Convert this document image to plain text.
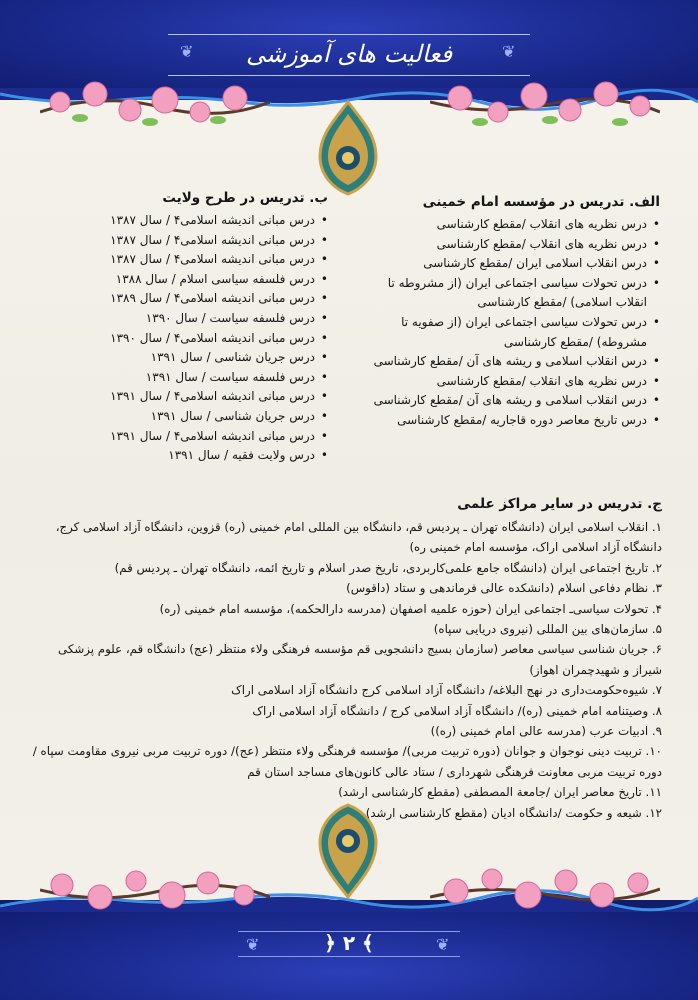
❦	❦
فعالیت های آموزشی
الف. تدریس در مؤسسه امام خمینی
• درس نظریه های انقلاب /مقطع کارشناسی
• درس نظریه های انقلاب /مقطع کارشناسی
• درس انقلاب اسلامی ایران /مقطع کارشناسی
• درس تحولات سیاسی اجتماعی ایران (از مشروطه تا انقلاب اسلامی) /مقطع کارشناسی
• درس تحولات سیاسی اجتماعی ایران (از صفویه تا مشروطه) /مقطع کارشناسی
• درس انقلاب اسلامی و ریشه های آن /مقطع کارشناسی
• درس نظریه های انقلاب /مقطع کارشناسی
• درس انقلاب اسلامی و ریشه های آن /مقطع کارشناسی
• درس تاریخ معاصر دوره قاجاریه /مقطع کارشناسی
ب. تدریس در طرح ولایت
• درس مبانی اندیشه اسلامی۴ / سال ۱۳۸۷
• درس مبانی اندیشه اسلامی۴ / سال ۱۳۸۷
• درس مبانی اندیشه اسلامی۴ / سال ۱۳۸۷
• درس فلسفه سیاسی اسلام / سال ۱۳۸۸
• درس مبانی اندیشه اسلامی۴ / سال ۱۳۸۹
• درس فلسفه سیاست / سال ۱۳۹۰
• درس مبانی اندیشه اسلامی۴ / سال ۱۳۹۰
• درس جریان شناسی / سال ۱۳۹۱
• درس فلسفه سیاست / سال ۱۳۹۱
• درس مبانی اندیشه اسلامی۴ / سال ۱۳۹۱
• درس جریان شناسی / سال ۱۳۹۱
• درس مبانی اندیشه اسلامی۴ / سال ۱۳۹۱
• درس ولایت فقیه / سال ۱۳۹۱
ج. تدریس در سایر مراکز علمی
۱. انقلاب اسلامی ایران (دانشگاه تهران ـ پردیس قم، دانشگاه بین المللی امام خمینی (ره) قزوین، دانشگاه آزاد اسلامی کرج، دانشگاه آزاد اسلامی اراک، مؤسسه امام خمینی ره)
۲. تاریخ اجتماعی ایران (دانشگاه جامع علمی‌کاربردی، تاریخ صدر اسلام و تاریخ ائمه، دانشگاه تهران ـ پردیس قم)
۳. نظام دفاعی اسلام (دانشکده عالی فرماندهی و ستاد (داقوس)
۴. تحولات سیاسی‌ـ اجتماعی ایران (حوزه علمیه اصفهان (مدرسه دارالحکمه)، مؤسسه امام خمینی (ره)
۵. سازمان‌های بین المللی (نیروی دریایی سپاه)
۶. جریان شناسی سیاسی معاصر (سازمان بسیج دانشجویی قم مؤسسه فرهنگی ولاء منتظر (عج) دانشگاه قم، علوم پزشکی شیراز و شهیدچمران اهواز)
۷. شیوه‌حکومت‌داری در نهج البلاغه/ دانشگاه آزاد اسلامی کرج دانشگاه آزاد اسلامی اراک
۸. وصیتنامه امام خمینی (ره)/ دانشگاه آزاد اسلامی کرج / دانشگاه آزاد اسلامی اراک
۹. ادبیات عرب (مدرسه عالی امام خمینی (ره))
۱۰. تربیت دینی نوجوان و جوانان (دوره تربیت مربی)/ مؤسسه فرهنگی ولاء منتظر (عج)/ دوره تربیت مربی نیروی مقاومت سپاه / دوره تربیت مربی معاونت فرهنگی شهرداری / ستاد عالی کانون‌های مساجد استان قم
۱۱. تاریخ معاصر ایران /جامعة المصطفی (مقطع کارشناسی ارشد)
۱۲. شیعه و حکومت /دانشگاه ادیان (مقطع کارشناسی ارشد)
❦	❦
﴿ ۲ ﴾
